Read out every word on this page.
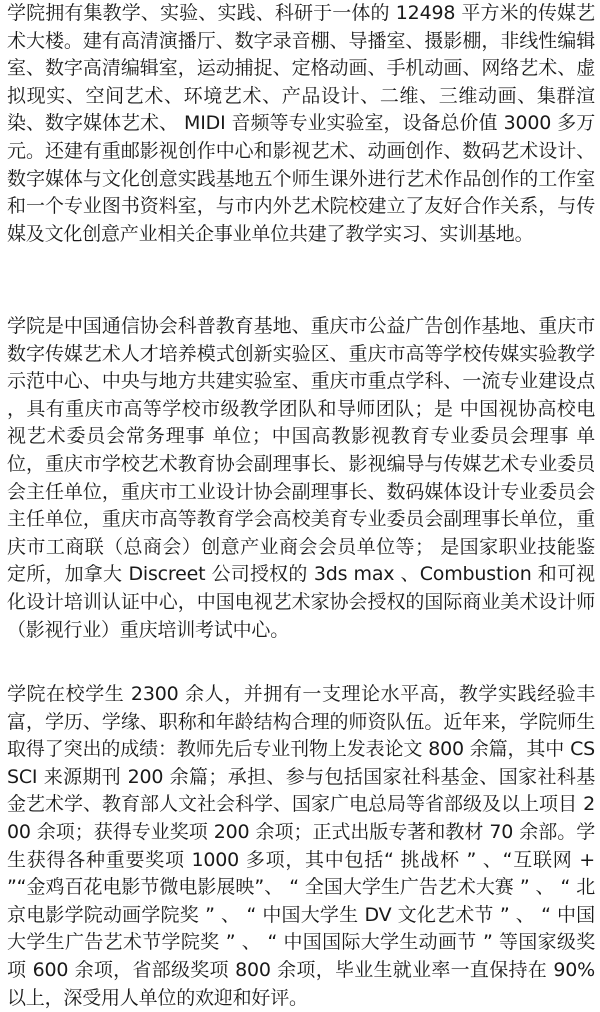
学院拥有集教学、实验、实践、科研于一体的 12498 平方米的传媒艺术大楼。建有高清演播厅、数字录音棚、导播室、摄影棚，非线性编辑室、数字高清编辑室，运动捕捉、定格动画、手机动画、网络艺术、虚拟现实、空间艺术、环境艺术、产品设计、二维、三维动画、集群渲染、数字媒体艺术、 MIDI 音频等专业实验室，设备总价值 3000 多万元。还建有重邮影视创作中心和影视艺术、动画创作、数码艺术设计、数字媒体与文化创意实践基地五个师生课外进行艺术作品创作的工作室和一个专业图书资料室，与市内外艺术院校建立了友好合作关系，与传媒及文化创意产业相关企事业单位共建了教学实习、实训基地。

学院是中国通信协会科普教育基地、重庆市公益广告创作基地、重庆市数字传媒艺术人才培养模式创新实验区、重庆市高等学校传媒实验教学示范中心、中央与地方共建实验室、重庆市重点学科、一流专业建设点 ，具有重庆市高等学校市级教学团队和导师团队；是 中国视协高校电视艺术委员会常务理事 单位；中国高教影视教育专业委员会理事 单位，重庆市学校艺术教育协会副理事长、影视编导与传媒艺术专业委员会主任单位，重庆市工业设计协会副理事长、数码媒体设计专业委员会主任单位，重庆市高等教育学会高校美育专业委员会副理事长单位，重庆市工商联（总商会）创意产业商会会员单位等； 是国家职业技能鉴定所，加拿大 Discreet 公司授权的 3ds max 、Combustion 和可视化设计培训认证中心，中国电视艺术家协会授权的国际商业美术设计师（影视行业）重庆培训考试中心。

学院在校学生 2300 余人，并拥有一支理论水平高，教学实践经验丰富，学历、学缘、职称和年龄结构合理的师资队伍。近年来，学院师生取得了突出的成绩：教师先后专业刊物上发表论文 800 余篇，其中 CSSCI 来源期刊 200 余篇；承担、参与包括国家社科基金、国家社科基金艺术学、教育部人文社会科学、国家广电总局等省部级及以上项目 200 余项；获得专业奖项 200 余项；正式出版专著和教材 70 余部。学生获得各种重要奖项 1000 多项，其中包括“ 挑战杯 ” 、“互联网 + ”“金鸡百花电影节微电影展映”、 “ 全国大学生广告艺术大赛 ” 、 “ 北京电影学院动画学院奖 ” 、 “ 中国大学生 DV 文化艺术节 ” 、 “ 中国大学生广告艺术节学院奖 ” 、 “ 中国国际大学生动画节 ” 等国家级奖项 600 余项，省部级奖项 800 余项，毕业生就业率一直保持在 90% 以上，深受用人单位的欢迎和好评。
